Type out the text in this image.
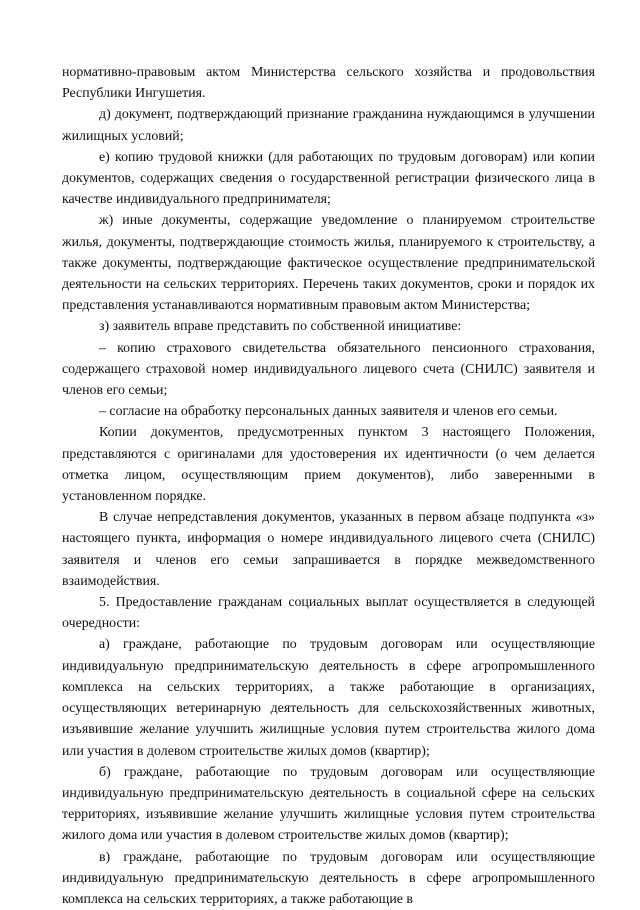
нормативно-правовым актом Министерства сельского хозяйства и продовольствия Республики Ингушетия.

д) документ, подтверждающий признание гражданина нуждающимся в улучшении жилищных условий;

е) копию трудовой книжки (для работающих по трудовым договорам) или копии документов, содержащих сведения о государственной регистрации физического лица в качестве индивидуального предпринимателя;

ж) иные документы, содержащие уведомление о планируемом строительстве жилья, документы, подтверждающие стоимость жилья, планируемого к строительству, а также документы, подтверждающие фактическое осуществление предпринимательской деятельности на сельских территориях. Перечень таких документов, сроки и порядок их представления устанавливаются нормативным правовым актом Министерства;

з) заявитель вправе представить по собственной инициативе:

– копию страхового свидетельства обязательного пенсионного страхования, содержащего страховой номер индивидуального лицевого счета (СНИЛС) заявителя и членов его семьи;

– согласие на обработку персональных данных заявителя и членов его семьи.

Копии документов, предусмотренных пунктом 3 настоящего Положения, представляются с оригиналами для удостоверения их идентичности (о чем делается отметка лицом, осуществляющим прием документов), либо заверенными в установленном порядке.

В случае непредставления документов, указанных в первом абзаце подпункта «з» настоящего пункта, информация о номере индивидуального лицевого счета (СНИЛС) заявителя и членов его семьи запрашивается в порядке межведомственного взаимодействия.

5. Предоставление гражданам социальных выплат осуществляется в следующей очередности:

а) граждане, работающие по трудовым договорам или осуществляющие индивидуальную предпринимательскую деятельность в сфере агропромышленного комплекса на сельских территориях, а также работающие в организациях, осуществляющих ветеринарную деятельность для сельскохозяйственных животных, изъявившие желание улучшить жилищные условия путем строительства жилого дома или участия в долевом строительстве жилых домов (квартир);

б) граждане, работающие по трудовым договорам или осуществляющие индивидуальную предпринимательскую деятельность в социальной сфере на сельских территориях, изъявившие желание улучшить жилищные условия путем строительства жилого дома или участия в долевом строительстве жилых домов (квартир);

в) граждане, работающие по трудовым договорам или осуществляющие индивидуальную предпринимательскую деятельность в сфере агропромышленного комплекса на сельских территориях, а также работающие в
